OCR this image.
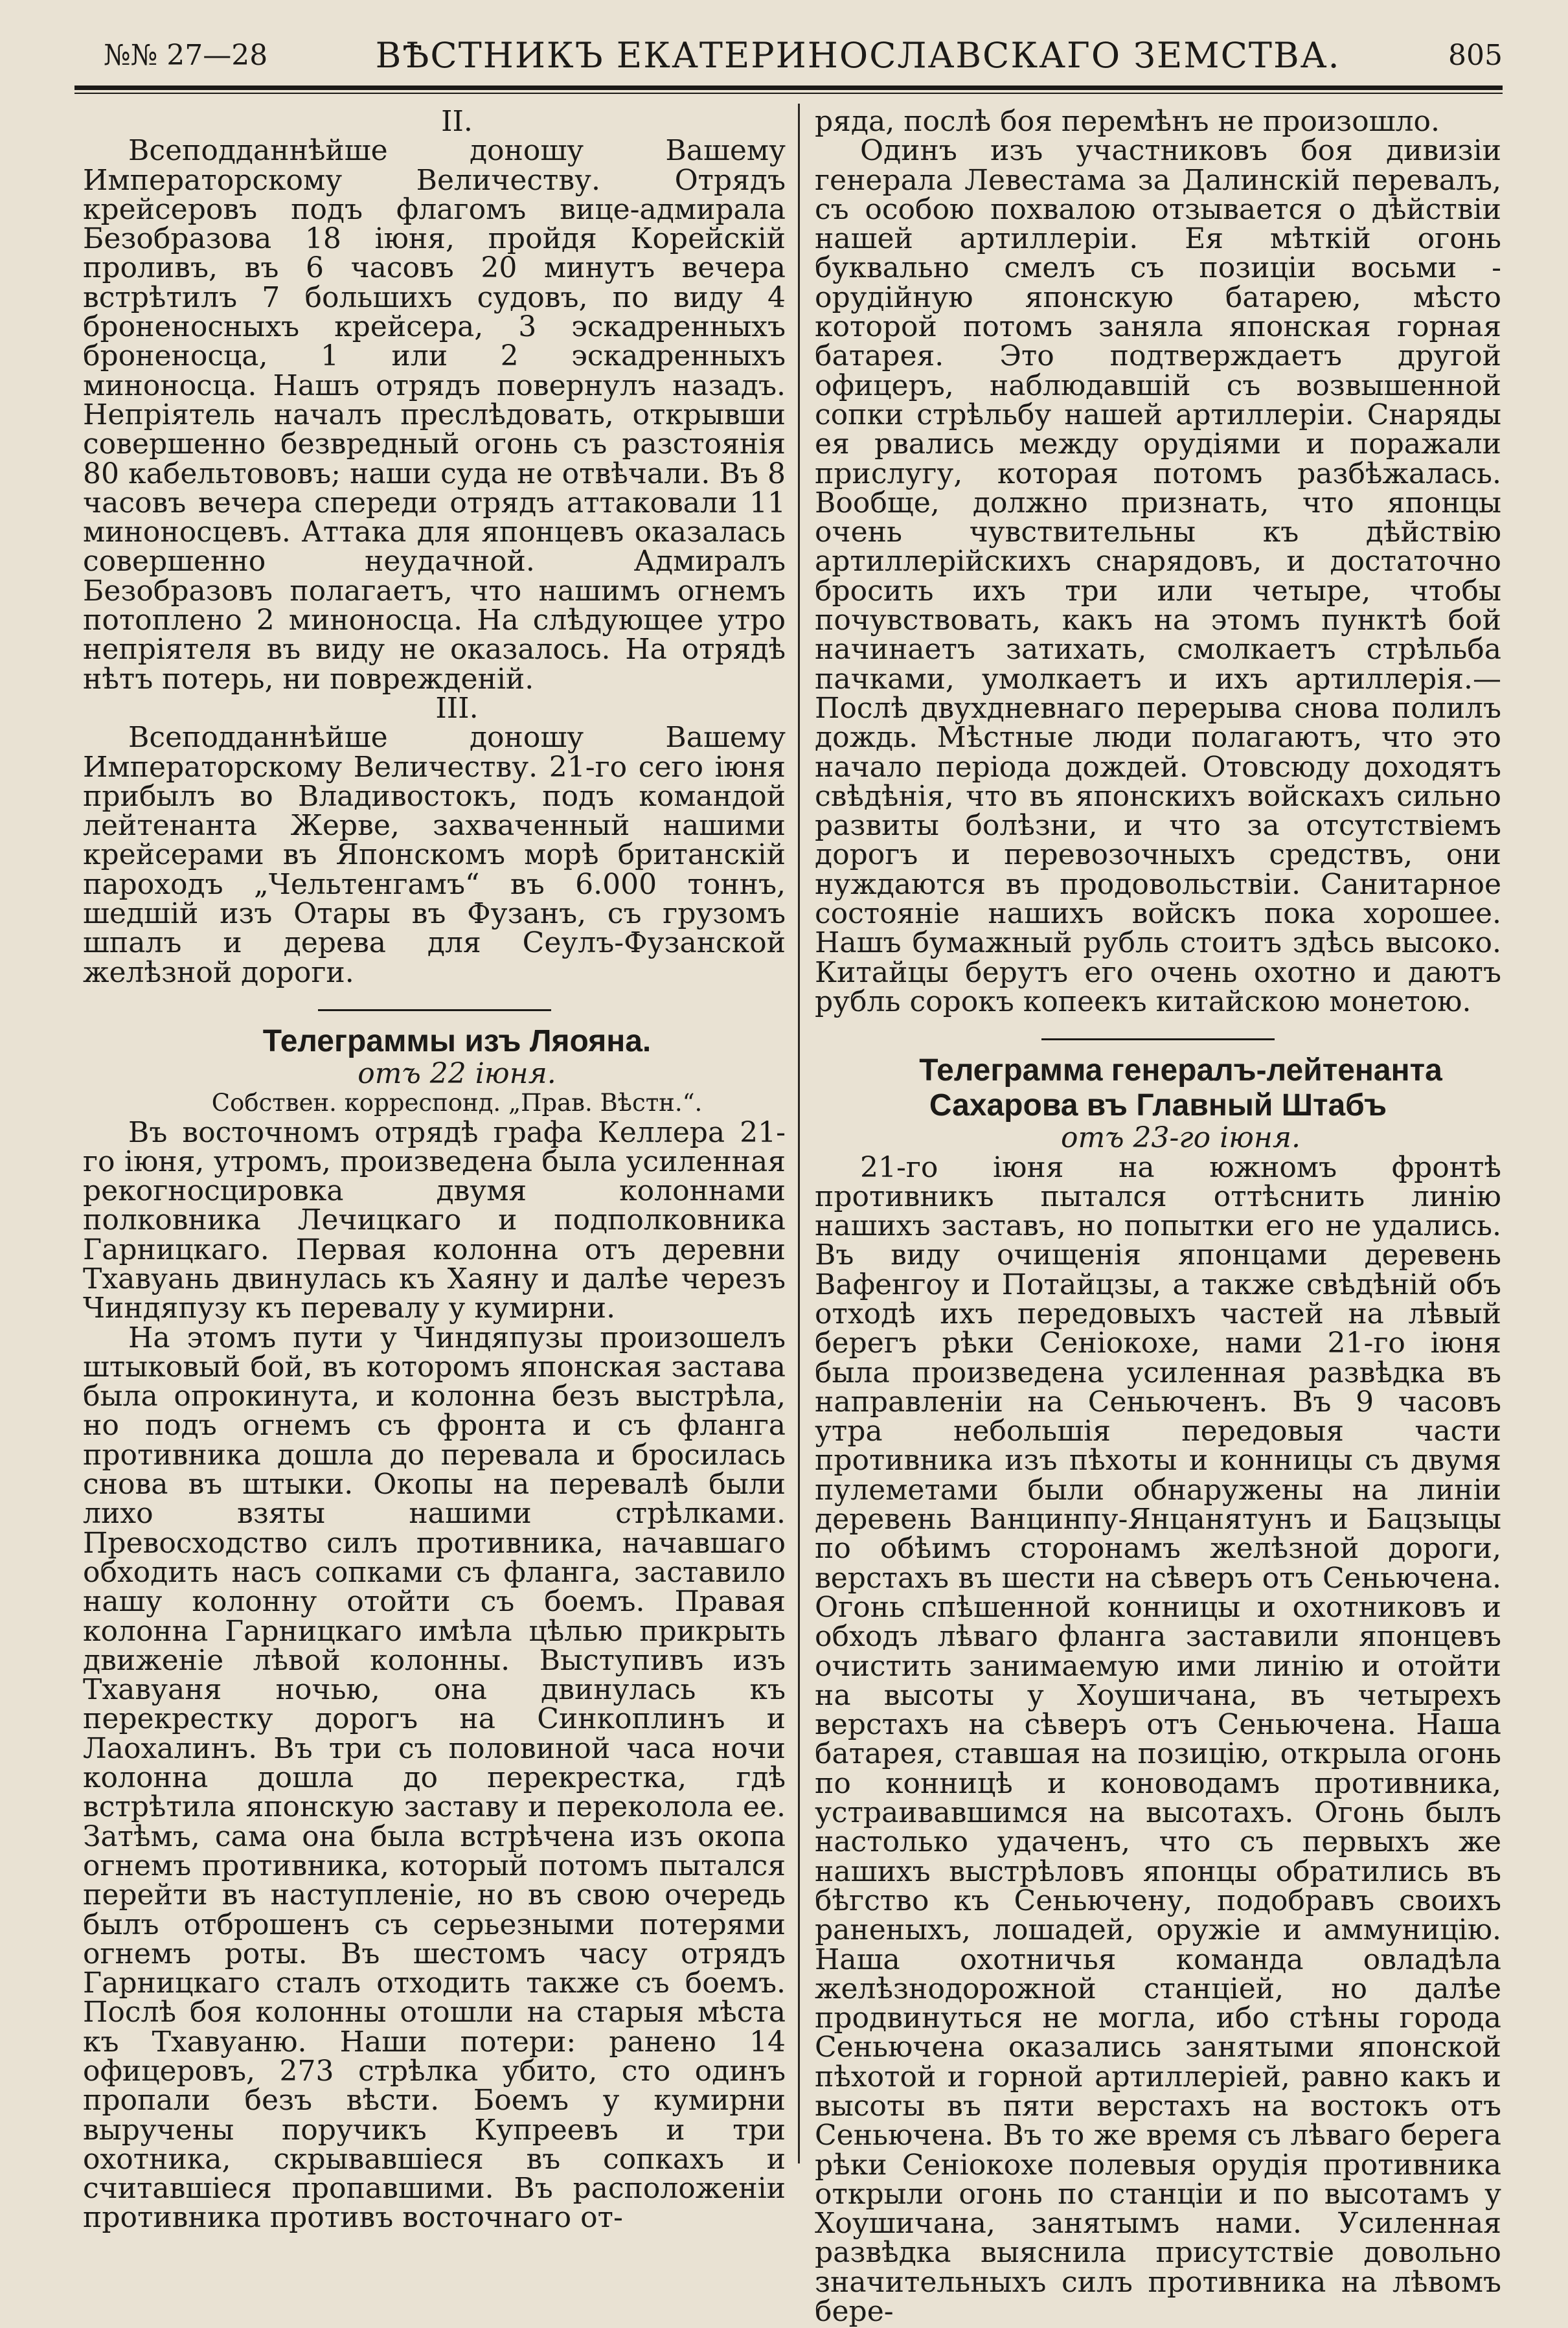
№№ 27—28	ВѢСТНИКЪ ЕКАТЕРИНОСЛАВСКАГО ЗЕМСТВА.	805

II.

Всеподданнѣйше доношу Вашему Императорскому Величеству. Отрядъ крейсеровъ подъ флагомъ вице-адмирала Безобразова 18 іюня, пройдя Корейскій проливъ, въ 6 часовъ 20 минутъ вечера встрѣтилъ 7 большихъ судовъ, по виду 4 броненосныхъ крейсера, 3 эскадренныхъ броненосца, 1 или 2 эскадренныхъ миноносца. Нашъ отрядъ повернулъ назадъ. Непріятель началъ преслѣдовать, открывши совершенно безвредный огонь съ разстоянія 80 кабельтововъ; наши суда не отвѣчали. Въ 8 часовъ вечера спереди отрядъ аттаковали 11 миноносцевъ. Аттака для японцевъ оказалась совершенно неудачной. Адмиралъ Безобразовъ полагаетъ, что нашимъ огнемъ потоплено 2 миноносца. На слѣдующее утро непріятеля въ виду не оказалось. На отрядѣ нѣтъ потерь, ни поврежденій.

III.

Всеподданнѣйше доношу Вашему Императорскому Величеству. 21-го сего іюня прибылъ во Владивостокъ, подъ командой лейтенанта Жерве, захваченный нашими крейсерами въ Японскомъ морѣ британскій пароходъ „Чельтенгамъ“ въ 6.000 тоннъ, шедшій изъ Отары въ Фузанъ, съ грузомъ шпалъ и дерева для Сеулъ-Фузанской желѣзной дороги.

Телеграммы изъ Ляояна.

отъ 22 іюня.

Собствен. корреспонд. „Прав. Вѣстн.“.

Въ восточномъ отрядѣ графа Келлера 21-го іюня, утромъ, произведена была усиленная рекогносцировка двумя колоннами полковника Лечицкаго и подполковника Гарницкаго. Первая колонна отъ деревни Тхавуань двинулась къ Хаяну и далѣе черезъ Чиндяпузу къ перевалу у кумирни.

На этомъ пути у Чиндяпузы произошелъ штыковый бой, въ которомъ японская застава была опрокинута, и колонна безъ выстрѣла, но подъ огнемъ съ фронта и съ фланга противника дошла до перевала и бросилась снова въ штыки. Окопы на перевалѣ были лихо взяты нашими стрѣлками. Превосходство силъ противника, начавшаго обходить насъ сопками съ фланга, заставило нашу колонну отойти съ боемъ. Правая колонна Гарницкаго имѣла цѣлью прикрыть движеніе лѣвой колонны. Выступивъ изъ Тхавуаня ночью, она двинулась къ перекрестку дорогъ на Синкоплинъ и Лаохалинъ. Въ три съ половиной часа ночи колонна дошла до перекрестка, гдѣ встрѣтила японскую заставу и переколола ее. Затѣмъ, сама она была встрѣчена изъ окопа огнемъ противника, который потомъ пытался перейти въ наступленіе, но въ свою очередь былъ отброшенъ съ серьезными потерями огнемъ роты. Въ шестомъ часу отрядъ Гарницкаго сталъ отходить также съ боемъ. Послѣ боя колонны отошли на старыя мѣста къ Тхавуаню. Наши потери: ранено 14 офицеровъ, 273 стрѣлка убито, сто одинъ пропали безъ вѣсти. Боемъ у кумирни выручены поручикъ Купреевъ и три охотника, скрывавшіеся въ сопкахъ и считавшіеся пропавшими. Въ расположеніи противника противъ восточнаго от-

ряда, послѣ боя перемѣнъ не произошло.

Одинъ изъ участниковъ боя дивизіи генерала Левестама за Далинскій перевалъ, съ особою похвалою отзывается о дѣйствіи нашей артиллеріи. Ея мѣткій огонь буквально смелъ съ позиціи восьми - орудійную японскую батарею, мѣсто которой потомъ заняла японская горная батарея. Это подтверждаетъ другой офицеръ, наблюдавшій съ возвышенной сопки стрѣльбу нашей артиллеріи. Снаряды ея рвались между орудіями и поражали прислугу, которая потомъ разбѣжалась. Вообще, должно признать, что японцы очень чувствительны къ дѣйствію артиллерійскихъ снарядовъ, и достаточно бросить ихъ три или четыре, чтобы почувствовать, какъ на этомъ пунктѣ бой начинаетъ затихать, смолкаетъ стрѣльба пачками, умолкаетъ и ихъ артиллерія.—Послѣ двухдневнаго перерыва снова полилъ дождь. Мѣстные люди полагаютъ, что это начало періода дождей. Отовсюду доходятъ свѣдѣнія, что въ японскихъ войскахъ сильно развиты болѣзни, и что за отсутствіемъ дорогъ и перевозочныхъ средствъ, они нуждаются въ продовольствіи. Санитарное состояніе нашихъ войскъ пока хорошее. Нашъ бумажный рубль стоитъ здѣсь высоко. Китайцы берутъ его очень охотно и даютъ рубль сорокъ копеекъ китайскою монетою.

Телеграмма генералъ-лейтенанта Сахарова въ Главный Штабъ

отъ 23-го іюня.

21-го іюня на южномъ фронтѣ противникъ пытался оттѣснить линію нашихъ заставъ, но попытки его не удались. Въ виду очищенія японцами деревень Вафенгоу и Потайцзы, а также свѣдѣній объ отходѣ ихъ передовыхъ частей на лѣвый берегъ рѣки Сеніокохе, нами 21-го іюня была произведена усиленная развѣдка въ направленіи на Сеньюченъ. Въ 9 часовъ утра небольшія передовыя части противника изъ пѣхоты и конницы съ двумя пулеметами были обнаружены на линіи деревень Ванцинпу-Янцанятунъ и Бацзыцы по обѣимъ сторонамъ желѣзной дороги, верстахъ въ шести на сѣверъ отъ Сеньючена. Огонь спѣшенной конницы и охотниковъ и обходъ лѣваго фланга заставили японцевъ очистить занимаемую ими линію и отойти на высоты у Хоушичана, въ четырехъ верстахъ на сѣверъ отъ Сеньючена. Наша батарея, ставшая на позицію, открыла огонь по конницѣ и коноводамъ противника, устраивавшимся на высотахъ. Огонь былъ настолько удаченъ, что съ первыхъ же нашихъ выстрѣловъ японцы обратились въ бѣгство къ Сеньючену, подобравъ своихъ раненыхъ, лошадей, оружіе и аммуницію. Наша охотничья команда овладѣла желѣзнодорожной станціей, но далѣе продвинуться не могла, ибо стѣны города Сеньючена оказались занятыми японской пѣхотой и горной артиллеріей, равно какъ и высоты въ пяти верстахъ на востокъ отъ Сеньючена. Въ то же время съ лѣваго берега рѣки Сеніокохе полевыя орудія противника открыли огонь по станціи и по высотамъ у Хоушичана, занятымъ нами. Усиленная развѣдка выяснила присутствіе довольно значительныхъ силъ противника на лѣвомъ бере-
